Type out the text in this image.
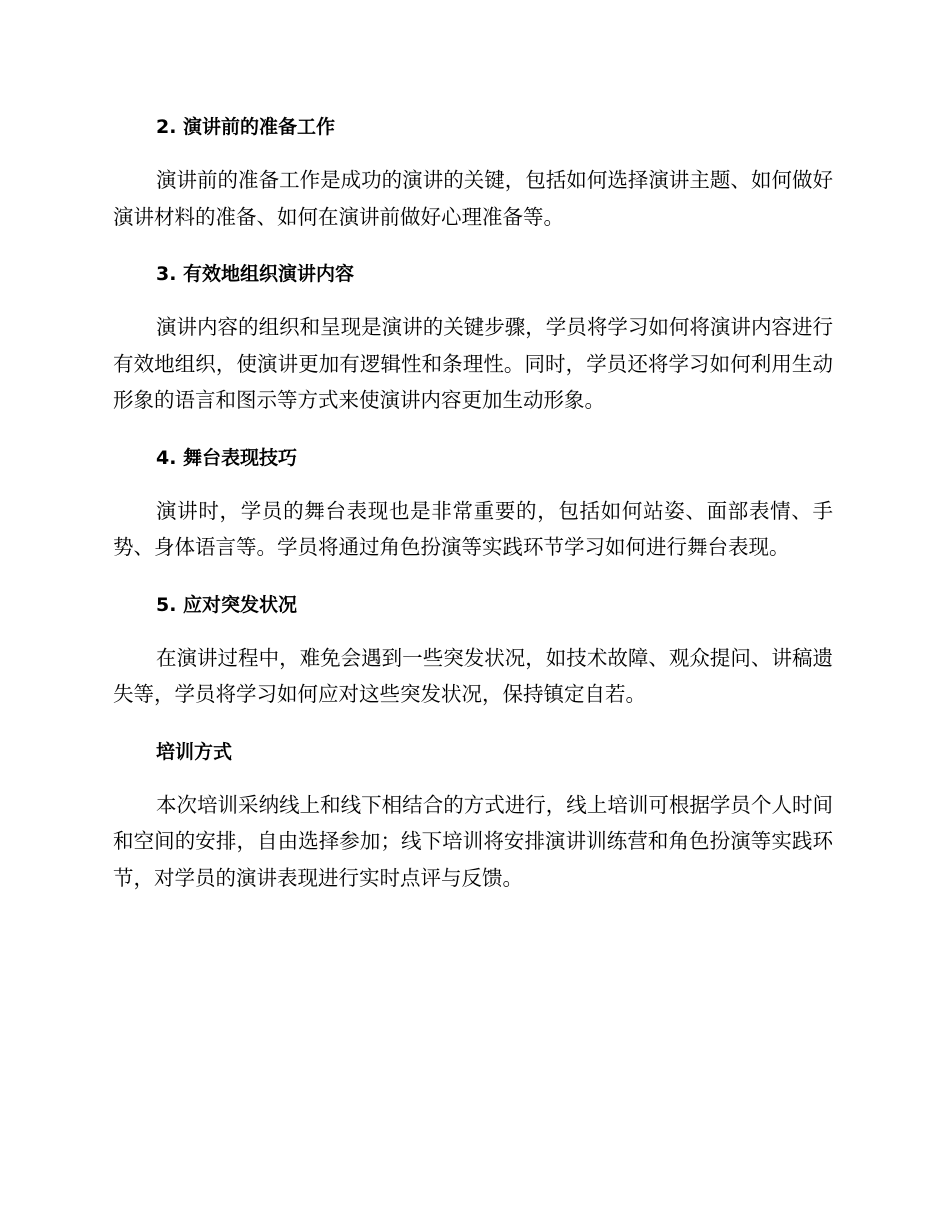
2. 演讲前的准备工作

演讲前的准备工作是成功的演讲的关键，包括如何选择演讲主题、如何做好演讲材料的准备、如何在演讲前做好心理准备等。

3. 有效地组织演讲内容

演讲内容的组织和呈现是演讲的关键步骤，学员将学习如何将演讲内容进行有效地组织，使演讲更加有逻辑性和条理性。同时，学员还将学习如何利用生动形象的语言和图示等方式来使演讲内容更加生动形象。

4. 舞台表现技巧

演讲时，学员的舞台表现也是非常重要的，包括如何站姿、面部表情、手势、身体语言等。学员将通过角色扮演等实践环节学习如何进行舞台表现。

5. 应对突发状况

在演讲过程中，难免会遇到一些突发状况，如技术故障、观众提问、讲稿遗失等，学员将学习如何应对这些突发状况，保持镇定自若。

培训方式

本次培训采纳线上和线下相结合的方式进行，线上培训可根据学员个人时间和空间的安排，自由选择参加；线下培训将安排演讲训练营和角色扮演等实践环节，对学员的演讲表现进行实时点评与反馈。
